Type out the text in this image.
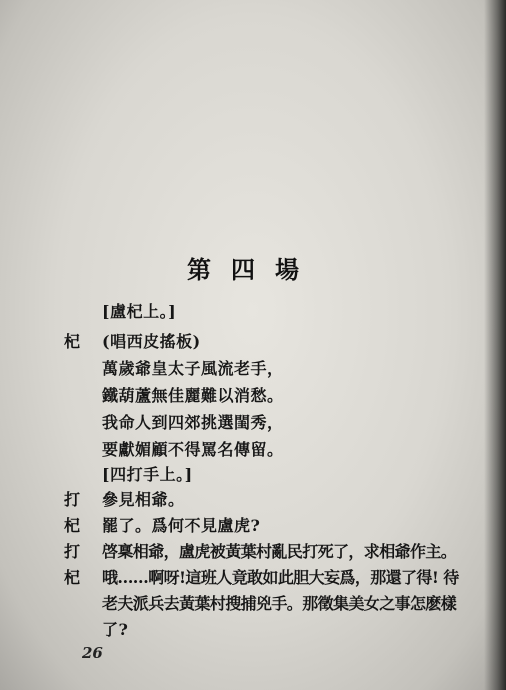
第四場
[盧杞上。]
杞 (唱西皮搖板)
萬歲爺皇太子風流老手，
鐵葫蘆無佳麗難以消愁。
我命人到四郊挑選閨秀，
要獻媚顧不得罵名傳留。
[四打手上。]
打 參見相爺。
杞 罷了。爲何不見盧虎?
打 啓稟相爺，盧虎被黃葉村亂民打死了，求相爺作主。
杞 哦……啊呀!這班人竟敢如此胆大妄爲，那還了得! 待
老夫派兵去黃葉村搜捕兇手。那徵集美女之事怎麽樣
了?
26
